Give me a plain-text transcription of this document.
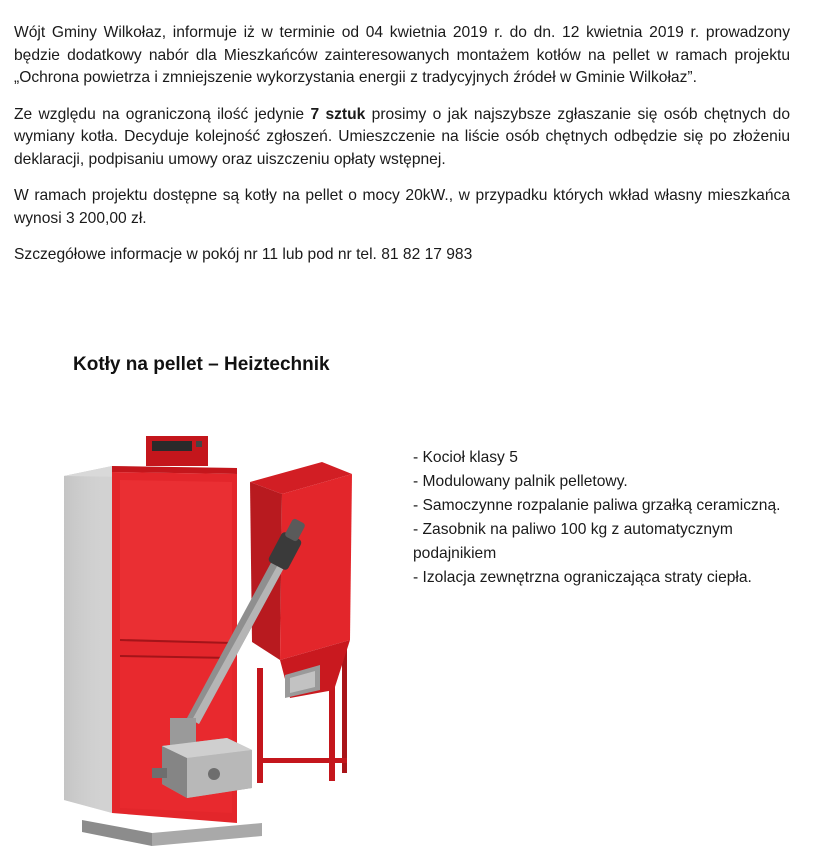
Wójt Gminy Wilkołaz, informuje iż w terminie od 04 kwietnia 2019 r. do dn. 12 kwietnia 2019 r. prowadzony będzie dodatkowy nabór dla Mieszkańców zainteresowanych montażem kotłów na pellet w ramach projektu „Ochrona powietrza i zmniejszenie wykorzystania energii z tradycyjnych źródeł w Gminie Wilkołaz”.

Ze względu na ograniczoną ilość jedynie 7 sztuk prosimy o jak najszybsze zgłaszanie się osób chętnych do wymiany kotła. Decyduje kolejność zgłoszeń. Umieszczenie na liście osób chętnych odbędzie się po złożeniu deklaracji, podpisaniu umowy oraz uiszczeniu opłaty wstępnej.

W ramach projektu dostępne są kotły na pellet o mocy 20kW., w przypadku których wkład własny mieszkańca wynosi 3 200,00 zł.

Szczegółowe informacje w pokój nr 11 lub pod nr tel. 81 82 17 983

Kotły na pellet – Heiztechnik
- Kocioł klasy 5
- Modulowany palnik pelletowy.
- Samoczynne rozpalanie paliwa grzałką ceramiczną.
- Zasobnik na paliwo 100 kg z automatycznym podajnikiem
- Izolacja zewnętrzna ograniczająca straty ciepła.
